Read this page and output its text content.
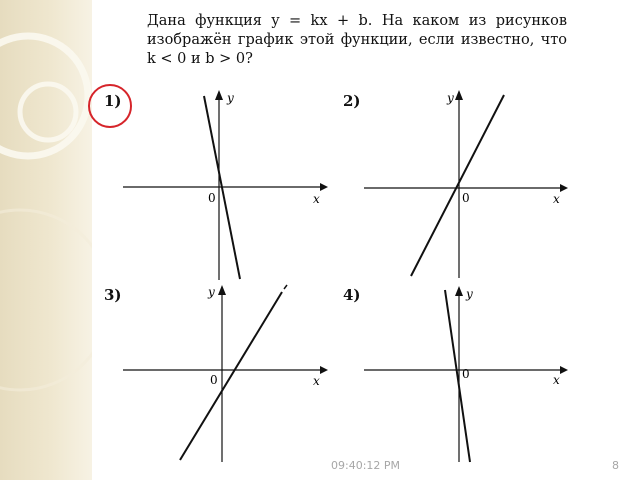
Дана функция y = kx + b. На каком из рисунков изображён график этой функции, если известно, что k < 0 и b > 0?
1)	2)
3)	4)
0	x
y
0	x
y
0	x
y
0	x
y
09:40:12 PM	8
